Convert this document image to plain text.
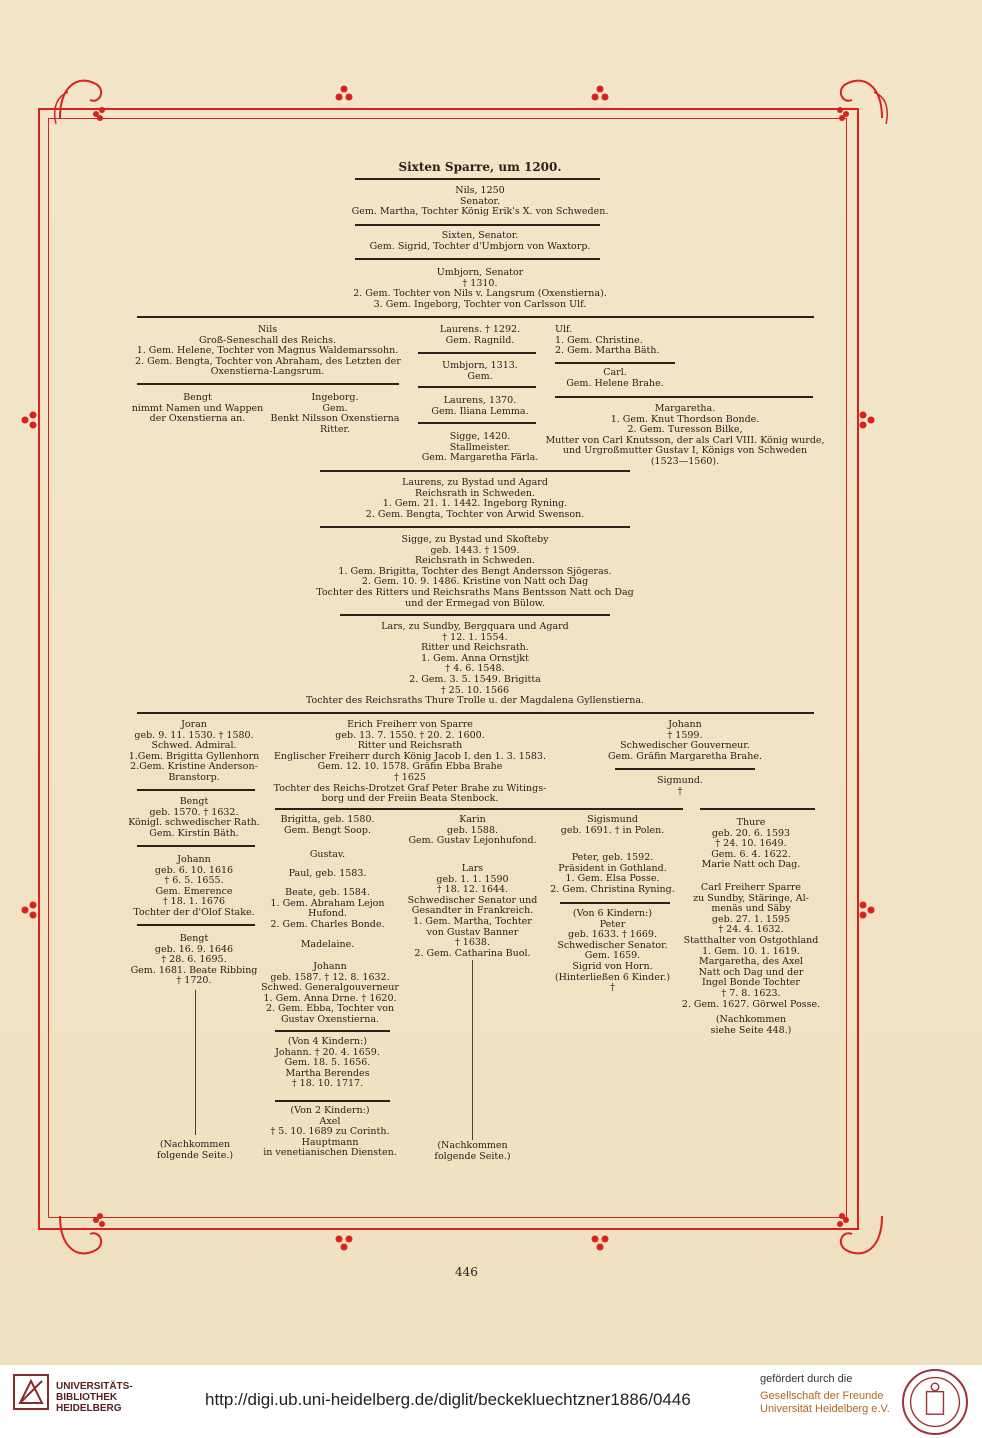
Sixten Sparre, um 1200.
Nils, 1250
Senator.
Gem. Martha, Tochter König Erik's X. von Schweden.
Sixten, Senator.
Gem. Sigrid, Tochter d'Umbjorn von Waxtorp.
Umbjorn, Senator
† 1310.
2. Gem. Tochter von Nils v. Langsrum (Oxenstierna).
3. Gem. Ingeborg, Tochter von Carlsson Ulf.
Nils
Groß-Seneschall des Reichs.
1. Gem. Helene, Tochter von Magnus Waldemarssohn.
2. Gem. Bengta, Tochter von Abraham, des Letzten der
Oxenstierna-Langsrum.
Bengt
nimmt Namen und Wappen
der Oxenstierna an.
Ingeborg.
Gem.
Benkt Nilsson Oxenstierna
Ritter.
Laurens. † 1292.
Gem. Ragnild.
Umbjorn, 1313.
Gem.
Laurens, 1370.
Gem. Iliana Lemma.
Sigge, 1420.
Stallmeister.
Gem. Margaretha Färla.
Ulf.
1. Gem. Christine.
2. Gem. Martha Bäth.
Carl.
Gem. Helene Brahe.
Margaretha.
1. Gem. Knut Thordson Bonde.
2. Gem. Turesson Bilke,
Mutter von Carl Knutsson, der als Carl VIII. König wurde,
und Urgroßmutter Gustav I, Königs von Schweden
(1523—1560).
Laurens, zu Bystad und Agard
Reichsrath in Schweden.
1. Gem. 21. 1. 1442. Ingeborg Ryning.
2. Gem. Bengta, Tochter von Arwid Swenson.
Sigge, zu Bystad und Skofteby
geb. 1443. † 1509.
Reichsrath in Schweden.
1. Gem. Brigitta, Tochter des Bengt Andersson Sjögeras.
2. Gem. 10. 9. 1486. Kristine von Natt och Dag
Tochter des Ritters und Reichsraths Mans Bentsson Natt och Dag
und der Ermegad von Bülow.
Lars, zu Sundby, Bergquara und Agard
† 12. 1. 1554.
Ritter und Reichsrath.
1. Gem. Anna Ornstjkt
† 4. 6. 1548.
2. Gem. 3. 5. 1549. Brigitta
† 25. 10. 1566
Tochter des Reichsraths Thure Trolle u. der Magdalena Gyllenstierna.
Joran
geb. 9. 11. 1530. † 1580.
Schwed. Admiral.
1.Gem. Brigitta Gyllenhorn
2.Gem. Kristine Anderson-
Branstorp.
Bengt
geb. 1570. † 1632.
Königl. schwedischer Rath.
Gem. Kirstin Bäth.
Johann
geb. 6. 10. 1616
† 6. 5. 1655.
Gem. Emerence
† 18. 1. 1676
Tochter der d'Olof Stake.
Bengt
geb. 16. 9. 1646
† 28. 6. 1695.
Gem. 1681. Beate Ribbing
† 1720.
(Nachkommen
folgende Seite.)
Erich Freiherr von Sparre
geb. 13. 7. 1550. † 20. 2. 1600.
Ritter und Reichsrath
Englischer Freiherr durch König Jacob I. den 1. 3. 1583.
Gem. 12. 10. 1578. Gräfin Ebba Brahe
† 1625
Tochter des Reichs-Drotzet Graf Peter Brahe zu Witings-
borg und der Freiin Beata Stenbock.
Brigitta, geb. 1580.
Gem. Bengt Soop.
Gustav.
Paul, geb. 1583.
Beate, geb. 1584.
1. Gem. Abraham Lejon
Hufond.
2. Gem. Charles Bonde.
Madelaine.
Johann
geb. 1587. † 12. 8. 1632.
Schwed. Generalgouverneur
1. Gem. Anna Drne. † 1620.
2. Gem. Ebba, Tochter von
Gustav Oxenstierna.
(Von 4 Kindern:)
Johann. † 20. 4. 1659.
Gem. 18. 5. 1656.
Martha Berendes
† 18. 10. 1717.
(Von 2 Kindern:)
Axel
† 5. 10. 1689 zu Corinth.
Hauptmann
in venetianischen Diensten.
Karin
geb. 1588.
Gem. Gustav Lejonhufond.
Lars
geb. 1. 1. 1590
† 18. 12. 1644.
Schwedischer Senator und
Gesandter in Frankreich.
1. Gem. Martha, Tochter
von Gustav Banner
† 1638.
2. Gem. Catharina Buol.
(Nachkommen
folgende Seite.)
Johann
† 1599.
Schwedischer Gouverneur.
Gem. Gräfin Margaretha Brahe.
Sigmund.
†
Sigismund
geb. 1691. † in Polen.
Peter, geb. 1592.
Präsident in Gothland.
1. Gem. Elsa Posse.
2. Gem. Christina Ryning.
(Von 6 Kindern:)
Peter
geb. 1633. † 1669.
Schwedischer Senator.
Gem. 1659.
Sigrid von Horn.
(Hinterließen 6 Kinder.)
†
Thure
geb. 20. 6. 1593
† 24. 10. 1649.
Gem. 6. 4. 1622.
Marie Natt och Dag.
Carl Freiherr Sparre
zu Sundby, Stäringe, Al-
menäs und Säby
geb. 27. 1. 1595
† 24. 4. 1632.
Statthalter von Ostgothland
1. Gem. 10. 1. 1619.
Margaretha, des Axel
Natt och Dag und der
Ingel Bonde Tochter
† 7. 8. 1623.
2. Gem. 1627. Görwel Posse.
(Nachkommen
siehe Seite 448.)
446
UNIVERSITÄTS-
BIBLIOTHEK
HEIDELBERG	http://digi.ub.uni-heidelberg.de/diglit/beckekluechtzner1886/0446
gefördert durch die
Gesellschaft der Freunde
Universität Heidelberg e.V.
